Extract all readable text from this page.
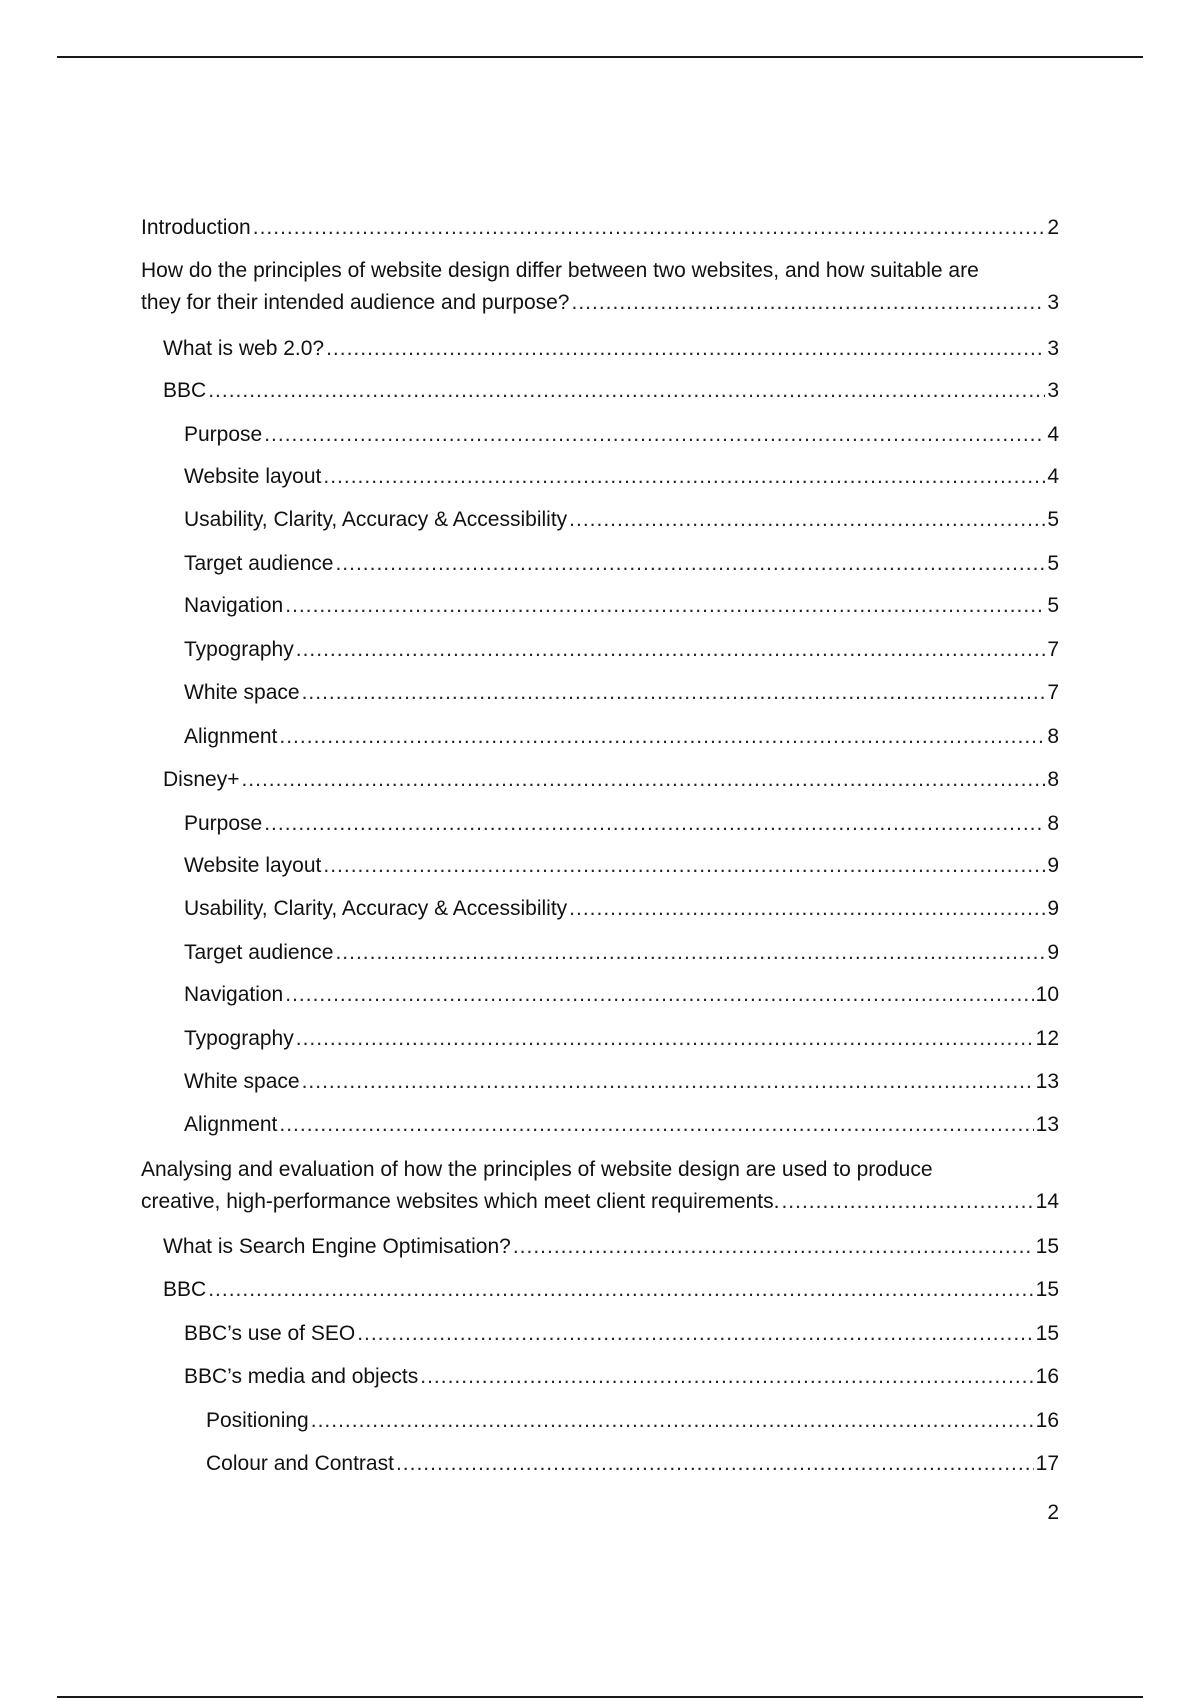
Introduction .....	2
How do the principles of website design differ between two websites, and how suitable are
they for their intended audience and purpose? .....	3
What is web 2.0? .....	3
BBC .....	3
Purpose .....	4
Website layout .....	4
Usability, Clarity, Accuracy & Accessibility .....	5
Target audience .....	5
Navigation .....	5
Typography .....	7
White space .....	7
Alignment .....	8
Disney+ .....	8
Purpose .....	8
Website layout .....	9
Usability, Clarity, Accuracy & Accessibility .....	9
Target audience .....	9
Navigation .....	10
Typography .....	12
White space .....	13
Alignment .....	13
Analysing and evaluation of how the principles of website design are used to produce
creative, high-performance websites which meet client requirements. .....	14
What is Search Engine Optimisation? .....	15
BBC .....	15
BBC’s use of SEO .....	15
BBC’s media and objects .....	16
Positioning .....	16
Colour and Contrast .....	17
2
